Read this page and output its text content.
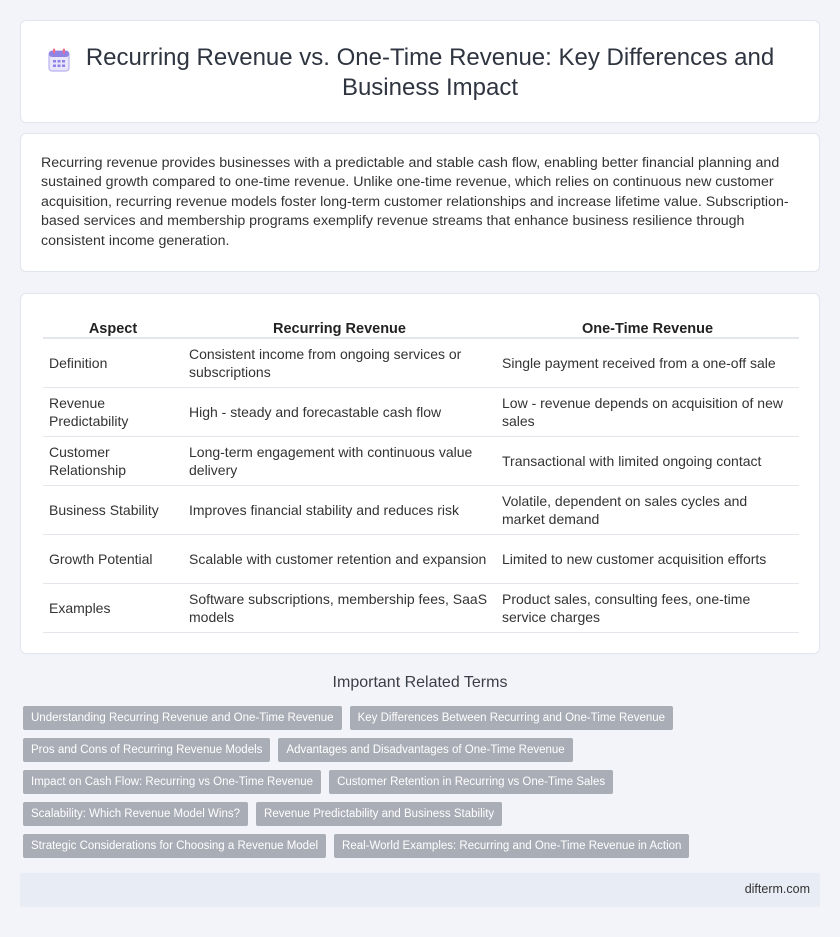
Recurring Revenue vs. One-Time Revenue: Key Differences and Business Impact

Recurring revenue provides businesses with a predictable and stable cash flow, enabling better financial planning and sustained growth compared to one-time revenue. Unlike one-time revenue, which relies on continuous new customer acquisition, recurring revenue models foster long-term customer relationships and increase lifetime value. Subscription-based services and membership programs exemplify revenue streams that enhance business resilience through consistent income generation.

Aspect	Recurring Revenue	One-Time Revenue
Definition	Consistent income from ongoing services or subscriptions	Single payment received from a one-off sale
Revenue Predictability	High - steady and forecastable cash flow	Low - revenue depends on acquisition of new sales
Customer Relationship	Long-term engagement with continuous value delivery	Transactional with limited ongoing contact
Business Stability	Improves financial stability and reduces risk	Volatile, dependent on sales cycles and market demand
Growth Potential	Scalable with customer retention and expansion	Limited to new customer acquisition efforts
Examples	Software subscriptions, membership fees, SaaS models	Product sales, consulting fees, one-time service charges
Important Related Terms
Understanding Recurring Revenue and One-Time Revenue	Key Differences Between Recurring and One-Time Revenue
Pros and Cons of Recurring Revenue Models	Advantages and Disadvantages of One-Time Revenue
Impact on Cash Flow: Recurring vs One-Time Revenue	Customer Retention in Recurring vs One-Time Sales
Scalability: Which Revenue Model Wins?	Revenue Predictability and Business Stability
Strategic Considerations for Choosing a Revenue Model	Real-World Examples: Recurring and One-Time Revenue in Action
difterm.com
